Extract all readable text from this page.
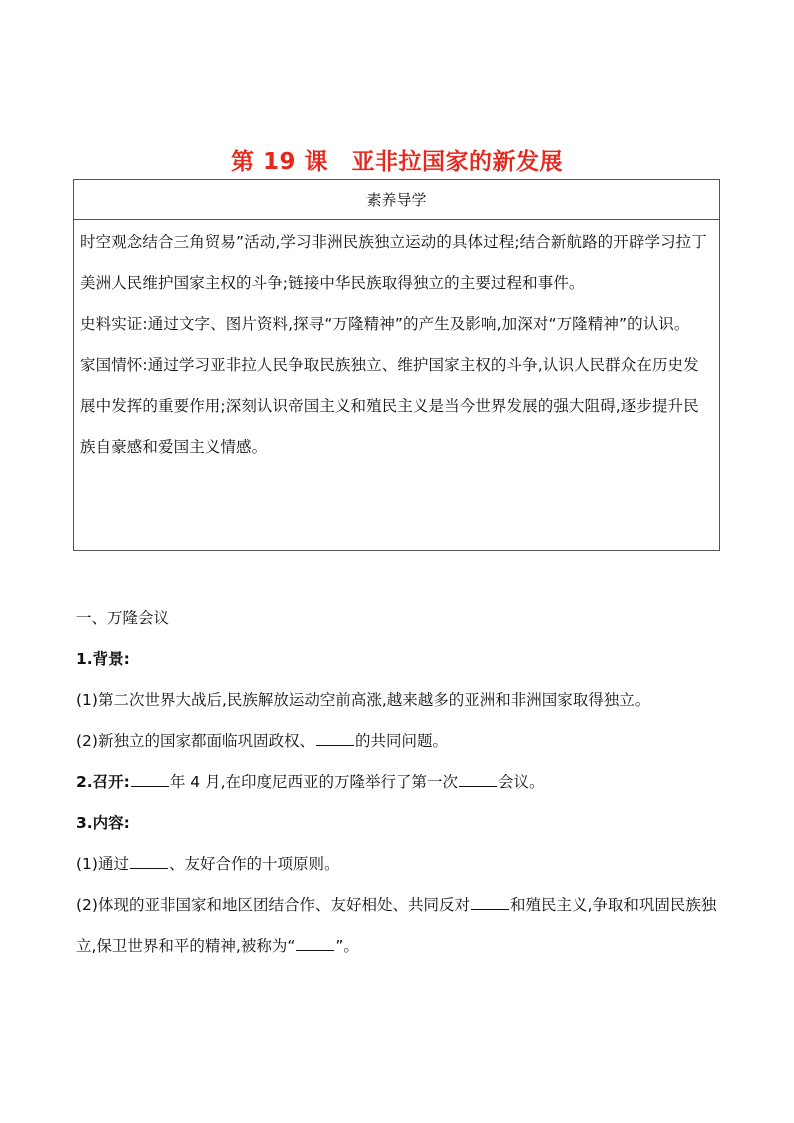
第 19 课　亚非拉国家的新发展
素养导学

时空观念结合三角贸易”活动,学习非洲民族独立运动的具体过程;结合新航路的开辟学习拉丁美洲人民维护国家主权的斗争;链接中华民族取得独立的主要过程和事件。

史料实证:通过文字、图片资料,探寻“万隆精神”的产生及影响,加深对“万隆精神”的认识。

家国情怀:通过学习亚非拉人民争取民族独立、维护国家主权的斗争,认识人民群众在历史发展中发挥的重要作用;深刻认识帝国主义和殖民主义是当今世界发展的强大阻碍,逐步提升民族自豪感和爱国主义情感。

一、万隆会议

1.背景:

(1)第二次世界大战后,民族解放运动空前高涨,越来越多的亚洲和非洲国家取得独立。

(2)新独立的国家都面临巩固政权、	的共同问题。

2.召开:	年 4 月,在印度尼西亚的万隆举行了第一次	会议。

3.内容:

(1)通过	、友好合作的十项原则。

(2)体现的亚非国家和地区团结合作、友好相处、共同反对	和殖民主义,争取和巩固民族独立,保卫世界和平的精神,被称为“	”。
